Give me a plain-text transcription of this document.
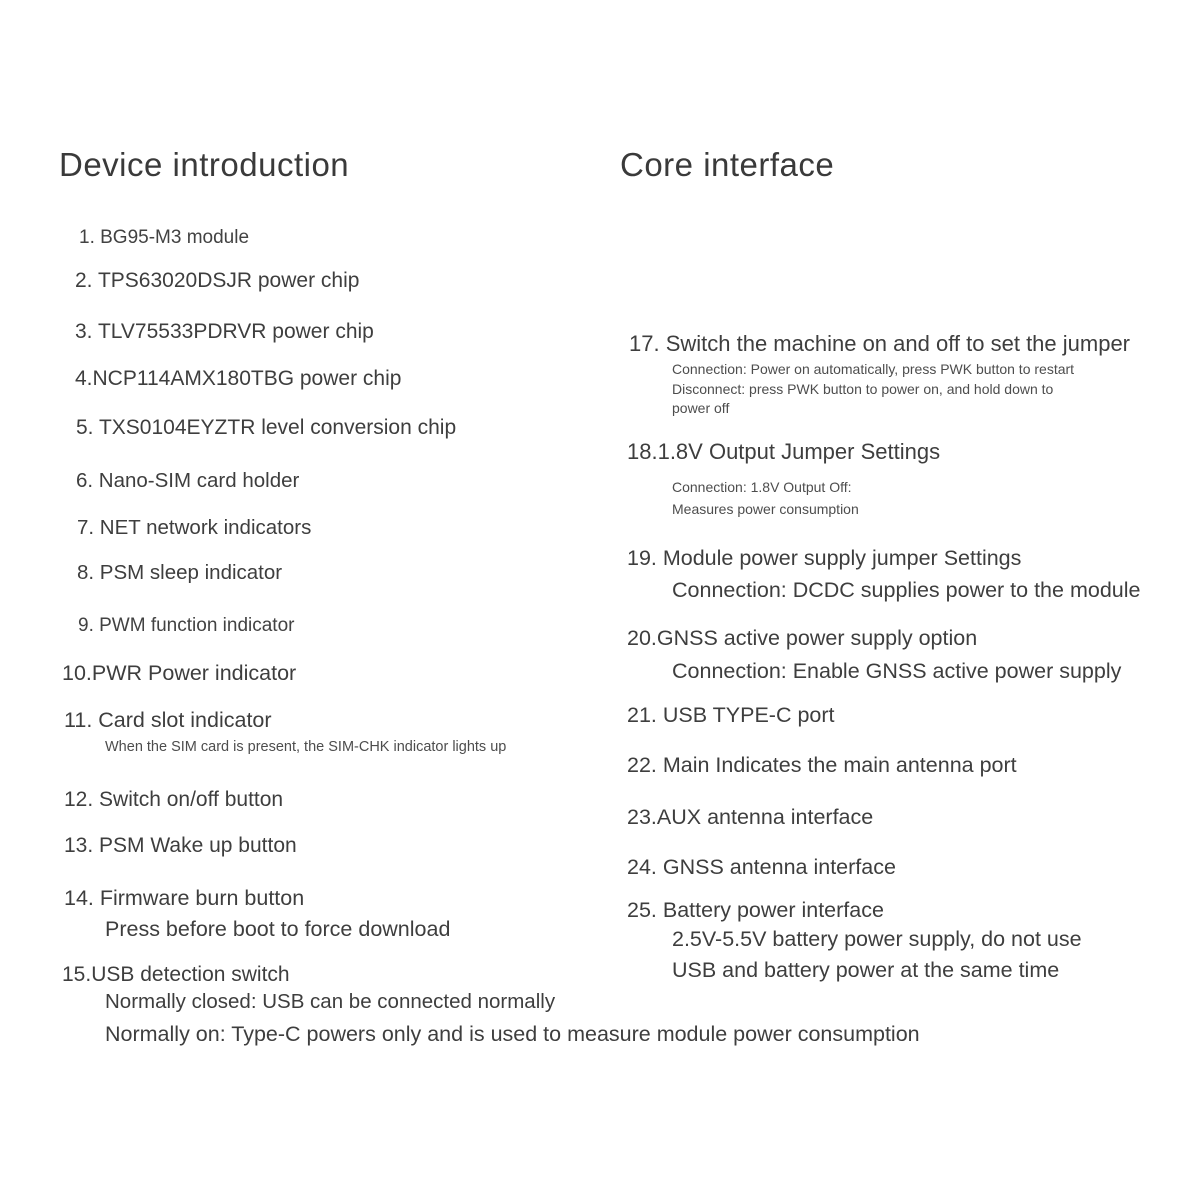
Device introduction
1. BG95-M3 module
2. TPS63020DSJR power chip
3. TLV75533PDRVR power chip
4.NCP114AMX180TBG power chip
5. TXS0104EYZTR level conversion chip
6. Nano-SIM card holder
7. NET network indicators
8. PSM sleep indicator
9. PWM function indicator
10.PWR Power indicator
11. Card slot indicator
When the SIM card is present, the SIM-CHK indicator lights up
12. Switch on/off button
13. PSM Wake up button
14. Firmware burn button
Press before boot to force download
15.USB detection switch
Normally closed: USB can be connected normally
Normally on: Type-C powers only and is used to measure module power consumption
Core interface
17. Switch the machine on and off to set the jumper
Connection: Power on automatically, press PWK button to restart
Disconnect: press PWK button to power on, and hold down to
power off
18.1.8V Output Jumper Settings
Connection: 1.8V Output Off:
Measures power consumption
19. Module power supply jumper Settings
Connection: DCDC supplies power to the module
20.GNSS active power supply option
Connection: Enable GNSS active power supply
21. USB TYPE-C port
22. Main Indicates the main antenna port
23.AUX antenna interface
24. GNSS antenna interface
25. Battery power interface
2.5V-5.5V battery power supply, do not use
USB and battery power at the same time
